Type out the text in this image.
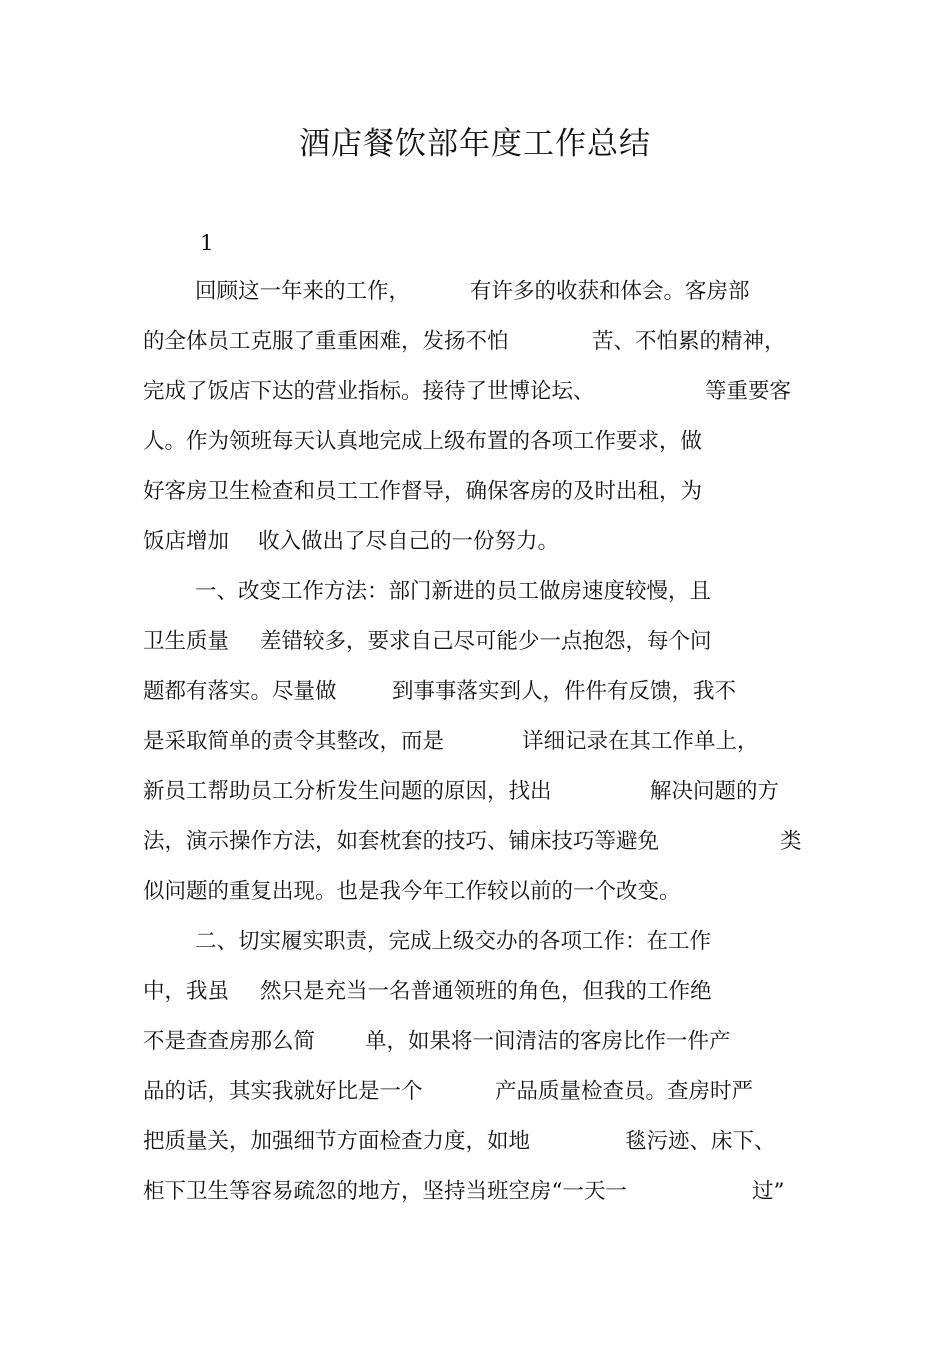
酒店餐饮部年度工作总结
1
回顾这一年来的工作，	有许多的收获和体会。客房部
的全体员工克服了重重困难，发扬不怕	苦、不怕累的精神，
完成了饭店下达的营业指标。接待了世博论坛、	等重要客
人。作为领班每天认真地完成上级布置的各项工作要求，做
好客房卫生检查和员工工作督导，确保客房的及时出租，为
饭店增加 收入做出了尽自己的一份努力。
一、改变工作方法：部门新进的员工做房速度较慢，且
卫生质量 差错较多，要求自己尽可能少一点抱怨，每个问
题都有落实。尽量做	到事事落实到人，件件有反馈，我不
是采取简单的责令其整改，而是	详细记录在其工作单上，
新员工帮助员工分析发生问题的原因，找出	解决问题的方
法，演示操作方法，如套枕套的技巧、铺床技巧等避免	类
似问题的重复出现。也是我今年工作较以前的一个改变。
二、切实履实职责，完成上级交办的各项工作：在工作
中，我虽 然只是充当一名普通领班的角色，但我的工作绝
不是查查房那么简 单，如果将一间清洁的客房比作一件产
品的话，其实我就好比是一个	产品质量检查员。查房时严
把质量关，加强细节方面检查力度，如地	毯污迹、床下、
柜下卫生等容易疏忽的地方，坚持当班空房“一天一	过”
